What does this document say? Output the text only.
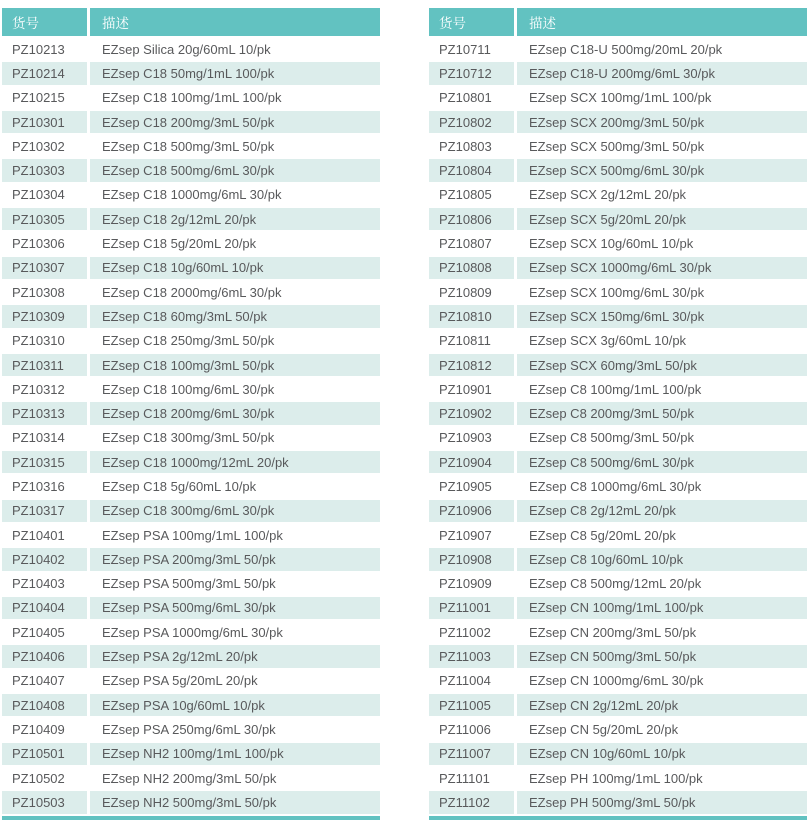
货号	描述
PZ10213	EZsep Silica 20g/60mL 10/pk
PZ10214	EZsep C18 50mg/1mL 100/pk
PZ10215	EZsep C18 100mg/1mL 100/pk
PZ10301	EZsep C18 200mg/3mL 50/pk
PZ10302	EZsep C18 500mg/3mL 50/pk
PZ10303	EZsep C18 500mg/6mL 30/pk
PZ10304	EZsep C18 1000mg/6mL 30/pk
PZ10305	EZsep C18 2g/12mL 20/pk
PZ10306	EZsep C18 5g/20mL 20/pk
PZ10307	EZsep C18 10g/60mL 10/pk
PZ10308	EZsep C18 2000mg/6mL 30/pk
PZ10309	EZsep C18 60mg/3mL 50/pk
PZ10310	EZsep C18 250mg/3mL 50/pk
PZ10311	EZsep C18 100mg/3mL 50/pk
PZ10312	EZsep C18 100mg/6mL 30/pk
PZ10313	EZsep C18 200mg/6mL 30/pk
PZ10314	EZsep C18 300mg/3mL 50/pk
PZ10315	EZsep C18 1000mg/12mL 20/pk
PZ10316	EZsep C18 5g/60mL 10/pk
PZ10317	EZsep C18 300mg/6mL 30/pk
PZ10401	EZsep PSA 100mg/1mL 100/pk
PZ10402	EZsep PSA 200mg/3mL 50/pk
PZ10403	EZsep PSA 500mg/3mL 50/pk
PZ10404	EZsep PSA 500mg/6mL 30/pk
PZ10405	EZsep PSA 1000mg/6mL 30/pk
PZ10406	EZsep PSA 2g/12mL 20/pk
PZ10407	EZsep PSA 5g/20mL 20/pk
PZ10408	EZsep PSA 10g/60mL 10/pk
PZ10409	EZsep PSA 250mg/6mL 30/pk
PZ10501	EZsep NH2 100mg/1mL 100/pk
PZ10502	EZsep NH2 200mg/3mL 50/pk
PZ10503	EZsep NH2 500mg/3mL 50/pk
货号	描述
PZ10711	EZsep C18-U 500mg/20mL 20/pk
PZ10712	EZsep C18-U 200mg/6mL 30/pk
PZ10801	EZsep SCX 100mg/1mL 100/pk
PZ10802	EZsep SCX 200mg/3mL 50/pk
PZ10803	EZsep SCX 500mg/3mL 50/pk
PZ10804	EZsep SCX 500mg/6mL 30/pk
PZ10805	EZsep SCX 2g/12mL 20/pk
PZ10806	EZsep SCX 5g/20mL 20/pk
PZ10807	EZsep SCX 10g/60mL 10/pk
PZ10808	EZsep SCX 1000mg/6mL 30/pk
PZ10809	EZsep SCX 100mg/6mL 30/pk
PZ10810	EZsep SCX 150mg/6mL 30/pk
PZ10811	EZsep SCX 3g/60mL 10/pk
PZ10812	EZsep SCX 60mg/3mL 50/pk
PZ10901	EZsep C8 100mg/1mL 100/pk
PZ10902	EZsep C8 200mg/3mL 50/pk
PZ10903	EZsep C8 500mg/3mL 50/pk
PZ10904	EZsep C8 500mg/6mL 30/pk
PZ10905	EZsep C8 1000mg/6mL 30/pk
PZ10906	EZsep C8 2g/12mL 20/pk
PZ10907	EZsep C8 5g/20mL 20/pk
PZ10908	EZsep C8 10g/60mL 10/pk
PZ10909	EZsep C8 500mg/12mL 20/pk
PZ11001	EZsep CN 100mg/1mL 100/pk
PZ11002	EZsep CN 200mg/3mL 50/pk
PZ11003	EZsep CN 500mg/3mL 50/pk
PZ11004	EZsep CN 1000mg/6mL 30/pk
PZ11005	EZsep CN 2g/12mL 20/pk
PZ11006	EZsep CN 5g/20mL 20/pk
PZ11007	EZsep CN 10g/60mL 10/pk
PZ11101	EZsep PH 100mg/1mL 100/pk
PZ11102	EZsep PH 500mg/3mL 50/pk
